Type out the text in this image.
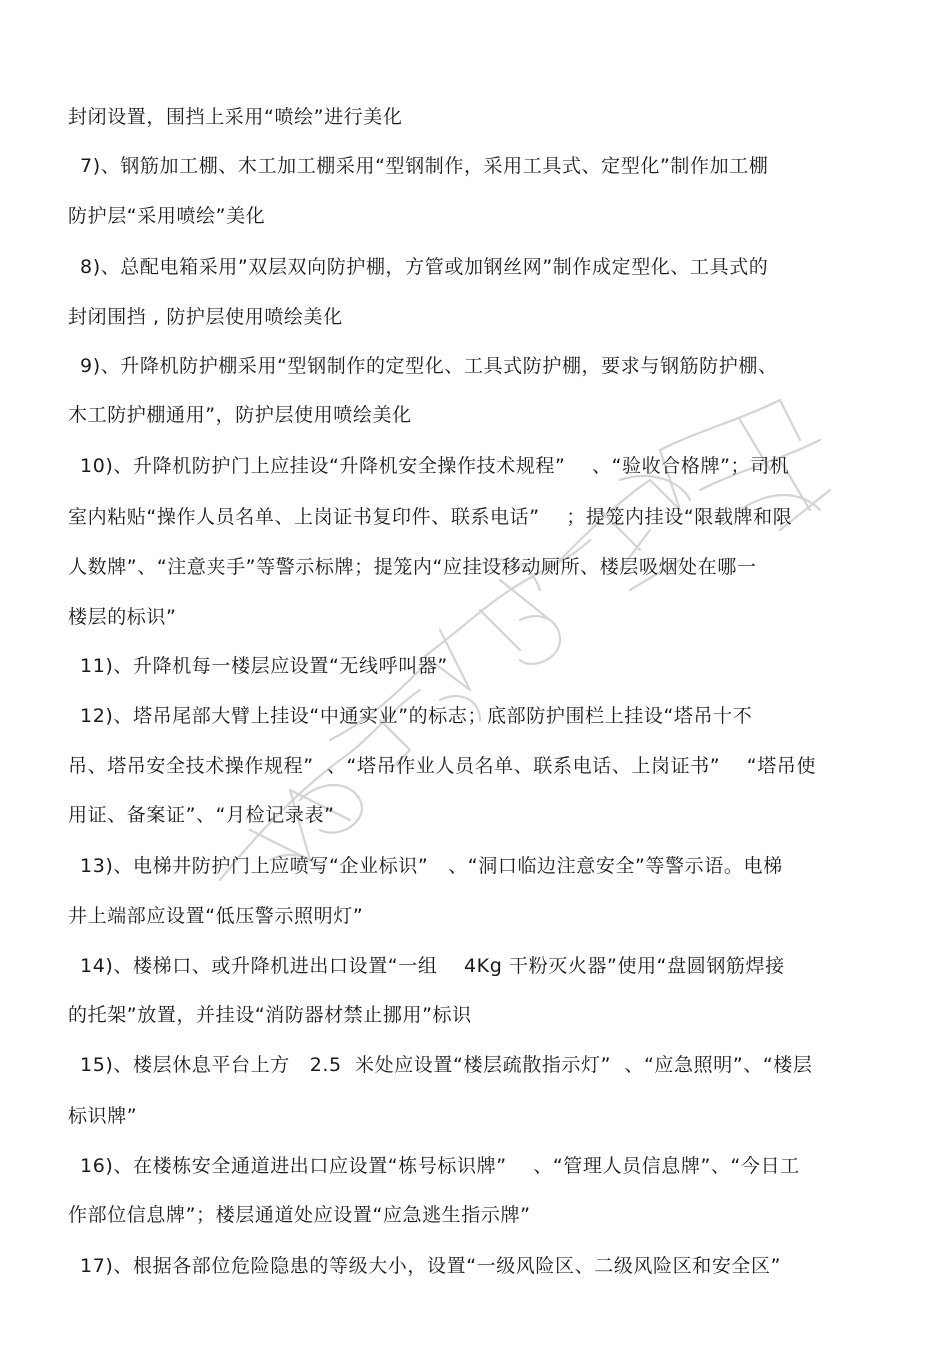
封闭设置，围挡上采用“喷绘”进行美化
7)、钢筋加工棚、木工加工棚采用“型钢制作，采用工具式、定型化”制作加工棚
防护层“采用喷绘”美化
8)、总配电箱采用”双层双向防护棚，方管或加钢丝网”制作成定型化、工具式的
封闭围挡 , 防护层使用喷绘美化
9)、升降机防护棚采用“型钢制作的定型化、工具式防护棚，要求与钢筋防护棚、
木工防护棚通用”，防护层使用喷绘美化
10)、升降机防护门上应挂设“升降机安全操作技术规程”    、“验收合格牌”；司机
室内粘贴“操作人员名单、上岗证书复印件、联系电话”    ；提笼内挂设“限载牌和限
人数牌”、“注意夹手”等警示标牌；提笼内“应挂设移动厕所、楼层吸烟处在哪一
楼层的标识”
11)、升降机每一楼层应设置“无线呼叫器”
12)、塔吊尾部大臂上挂设“中通实业”的标志；底部防护围栏上挂设“塔吊十不
吊、塔吊安全技术操作规程”  、“塔吊作业人员名单、联系电话、上岗证书”    “塔吊使
用证、备案证”、“月检记录表”
13)、电梯井防护门上应喷写“企业标识”   、“洞口临边注意安全”等警示语。电梯
井上端部应设置“低压警示照明灯”
14)、楼梯口、或升降机进出口设置“一组    4Kg 干粉灭火器”使用“盘圆钢筋焊接
的托架”放置，并挂设“消防器材禁止挪用”标识
15)、楼层休息平台上方   2.5  米处应设置“楼层疏散指示灯”  、“应急照明”、“楼层
标识牌”
16)、在楼栋安全通道进出口应设置“栋号标识牌”    、“管理人员信息牌”、“今日工
作部位信息牌”；楼层通道处应设置“应急逃生指示牌”
17)、根据各部位危险隐患的等级大小，设置“一级风险区、二级风险区和安全区”
